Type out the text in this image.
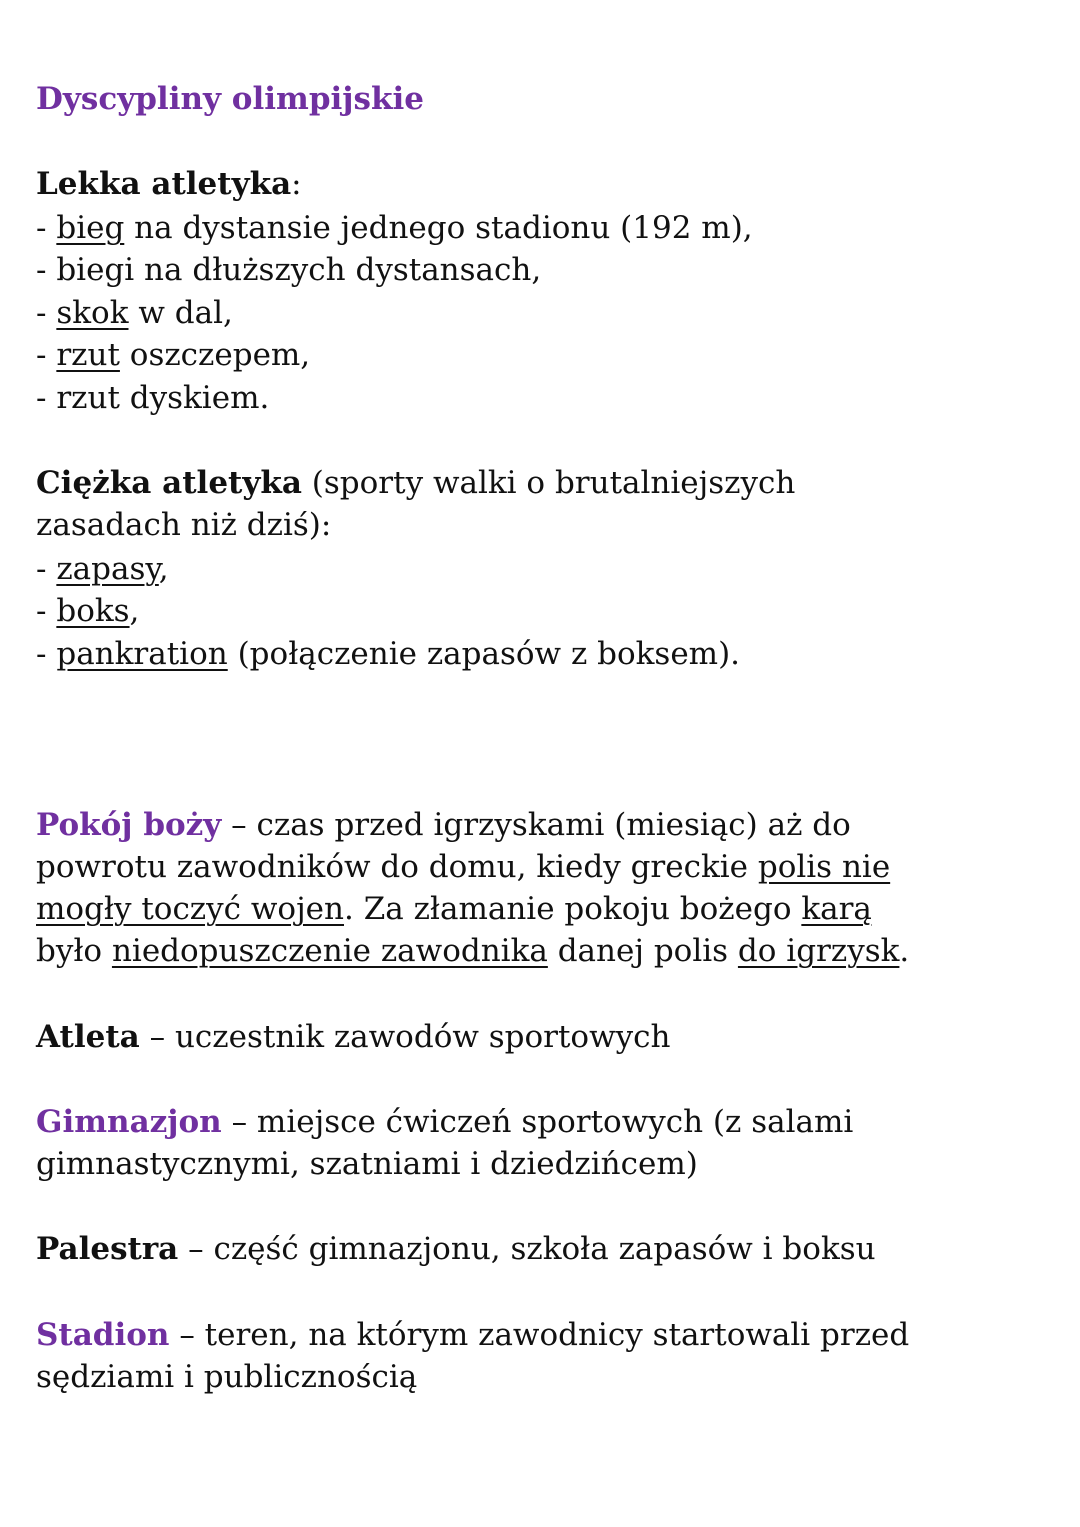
Dyscypliny olimpijskie
Lekka atletyka:
- bieg na dystansie jednego stadionu (192 m),
- biegi na dłuższych dystansach,
- skok w dal,
- rzut oszczepem,
- rzut dyskiem.
Ciężka atletyka (sporty walki o brutalniejszych
zasadach niż dziś):
- zapasy,
- boks,
- pankration (połączenie zapasów z boksem).
Pokój boży – czas przed igrzyskami (miesiąc) aż do
powrotu zawodników do domu, kiedy greckie polis nie
mogły toczyć wojen. Za złamanie pokoju bożego karą
było niedopuszczenie zawodnika danej polis do igrzysk.
Atleta – uczestnik zawodów sportowych
Gimnazjon – miejsce ćwiczeń sportowych (z salami
gimnastycznymi, szatniami i dziedzińcem)
Palestra – część gimnazjonu, szkoła zapasów i boksu
Stadion – teren, na którym zawodnicy startowali przed
sędziami i publicznością
